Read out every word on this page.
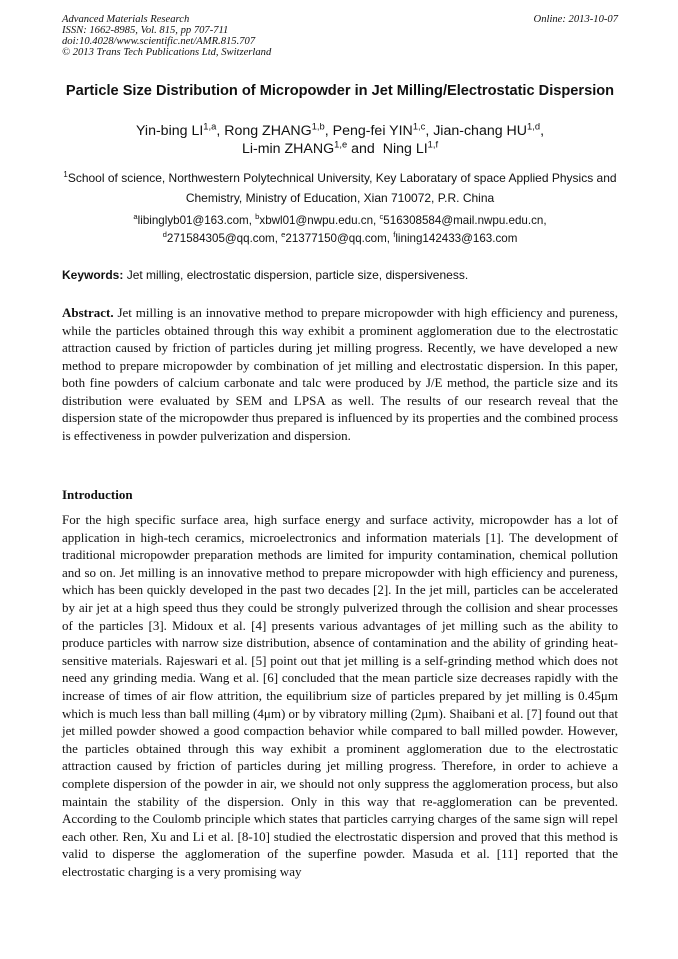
Advanced Materials Research
ISSN: 1662-8985, Vol. 815, pp 707-711
doi:10.4028/www.scientific.net/AMR.815.707
© 2013 Trans Tech Publications Ltd, Switzerland
Online: 2013-10-07
Particle Size Distribution of Micropowder in Jet Milling/Electrostatic Dispersion
Yin-bing LI$^{1,a}$, Rong ZHANG$^{1,b}$, Peng-fei YIN$^{1,c}$, Jian-chang HU$^{1,d}$,
Li-min ZHANG$^{1,e}$ and  Ning LI$^{1,f}$
$^1$School of science, Northwestern Polytechnical University, Key Laboratary of space Applied Physics and Chemistry, Ministry of Education, Xian 710072, P.R. China
$^a$libinglyb01@163.com, $^b$xbwl01@nwpu.edu.cn, $^c$516308584@mail.nwpu.edu.cn,
$^d$271584305@qq.com, $^e$21377150@qq.com, $^f$lining142433@163.com
Keywords: Jet milling, electrostatic dispersion, particle size, dispersiveness.
Abstract. Jet milling is an innovative method to prepare micropowder with high efficiency and pureness, while the particles obtained through this way exhibit a prominent agglomeration due to the electrostatic attraction caused by friction of particles during jet milling progress. Recently, we have developed a new method to prepare micropowder by combination of jet milling and electrostatic dispersion. In this paper, both fine powders of calcium carbonate and talc were produced by J/E method, the particle size and its distribution were evaluated by SEM and LPSA as well. The results of our research reveal that the dispersion state of the micropowder thus prepared is influenced by its properties and the combined process is effectiveness in powder pulverization and dispersion.
Introduction
For the high specific surface area, high surface energy and surface activity, micropowder has a lot of application in high-tech ceramics, microelectronics and information materials [1]. The development of traditional micropowder preparation methods are limited for impurity contamination, chemical pollution and so on. Jet milling is an innovative method to prepare micropowder with high efficiency and pureness, which has been quickly developed in the past two decades [2]. In the jet mill, particles can be accelerated by air jet at a high speed thus they could be strongly pulverized through the collision and shear processes of the particles [3]. Midoux et al. [4] presents various advantages of jet milling such as the ability to produce particles with narrow size distribution, absence of contamination and the ability of grinding heat-sensitive materials. Rajeswari et al. [5] point out that jet milling is a self-grinding method which does not need any grinding media. Wang et al. [6] concluded that the mean particle size decreases rapidly with the increase of times of air flow attrition, the equilibrium size of particles prepared by jet milling is 0.45μm which is much less than ball milling (4μm) or by vibratory milling (2μm). Shaibani et al. [7] found out that jet milled powder showed a good compaction behavior while compared to ball milled powder. However, the particles obtained through this way exhibit a prominent agglomeration due to the electrostatic attraction caused by friction of particles during jet milling progress. Therefore, in order to achieve a complete dispersion of the powder in air, we should not only suppress the agglomeration process, but also maintain the stability of the dispersion. Only in this way that re-agglomeration can be prevented. According to the Coulomb principle which states that particles carrying charges of the same sign will repel each other. Ren, Xu and Li et al. [8-10] studied the electrostatic dispersion and proved that this method is valid to disperse the agglomeration of the superfine powder. Masuda et al. [11] reported that the electrostatic charging is a very promising way
